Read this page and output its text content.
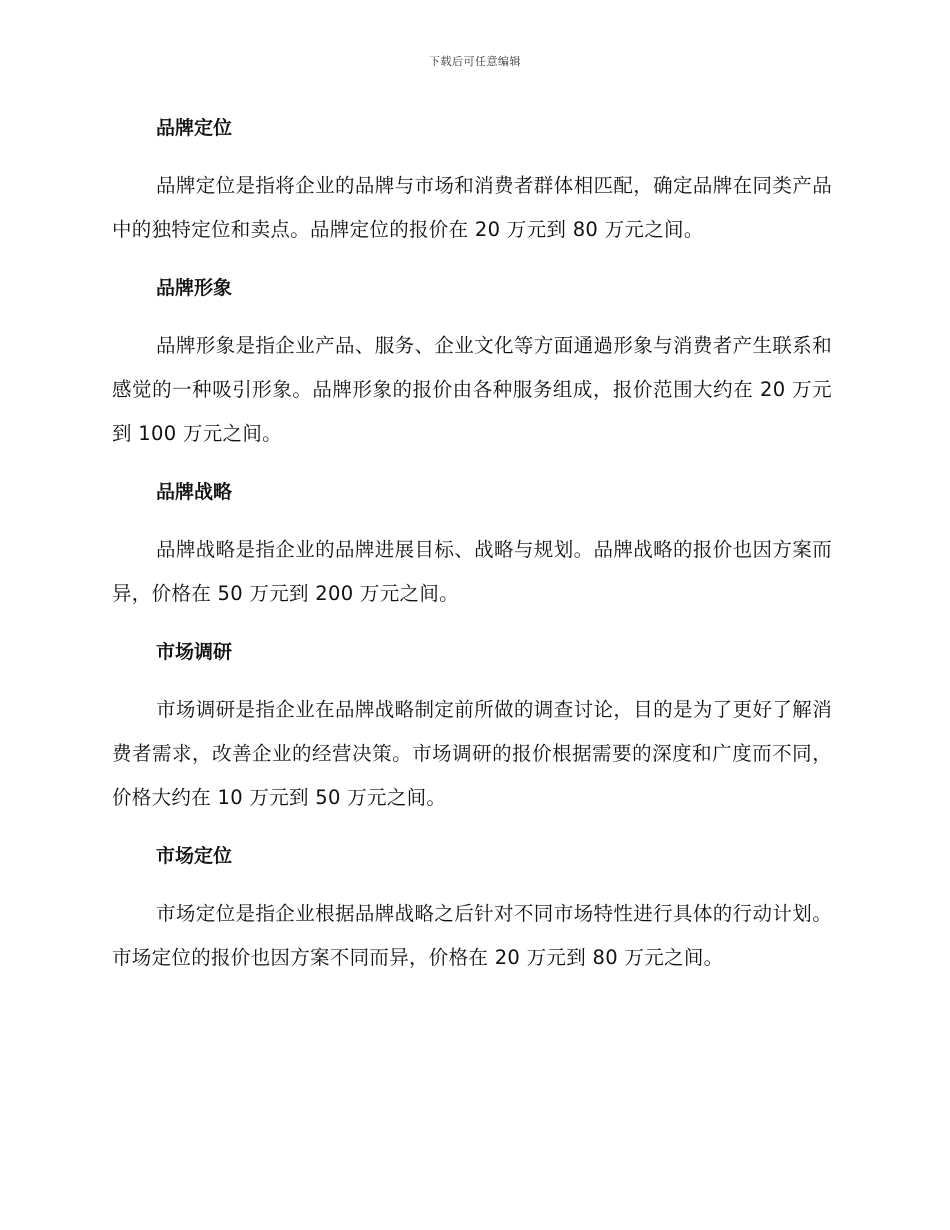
下载后可任意编辑
品牌定位

品牌定位是指将企业的品牌与市场和消费者群体相匹配，确定品牌在同类产品中的独特定位和卖点。品牌定位的报价在 20 万元到 80 万元之间。

品牌形象

品牌形象是指企业产品、服务、企业文化等方面通過形象与消费者产生联系和感觉的一种吸引形象。品牌形象的报价由各种服务组成，报价范围大约在 20 万元到 100 万元之间。

品牌战略

品牌战略是指企业的品牌进展目标、战略与规划。品牌战略的报价也因方案而异，价格在 50 万元到 200 万元之间。

市场调研

市场调研是指企业在品牌战略制定前所做的调查讨论，目的是为了更好了解消费者需求，改善企业的经营决策。市场调研的报价根据需要的深度和广度而不同，价格大约在 10 万元到 50 万元之间。

市场定位

市场定位是指企业根据品牌战略之后针对不同市场特性进行具体的行动计划。市场定位的报价也因方案不同而异，价格在 20 万元到 80 万元之间。
